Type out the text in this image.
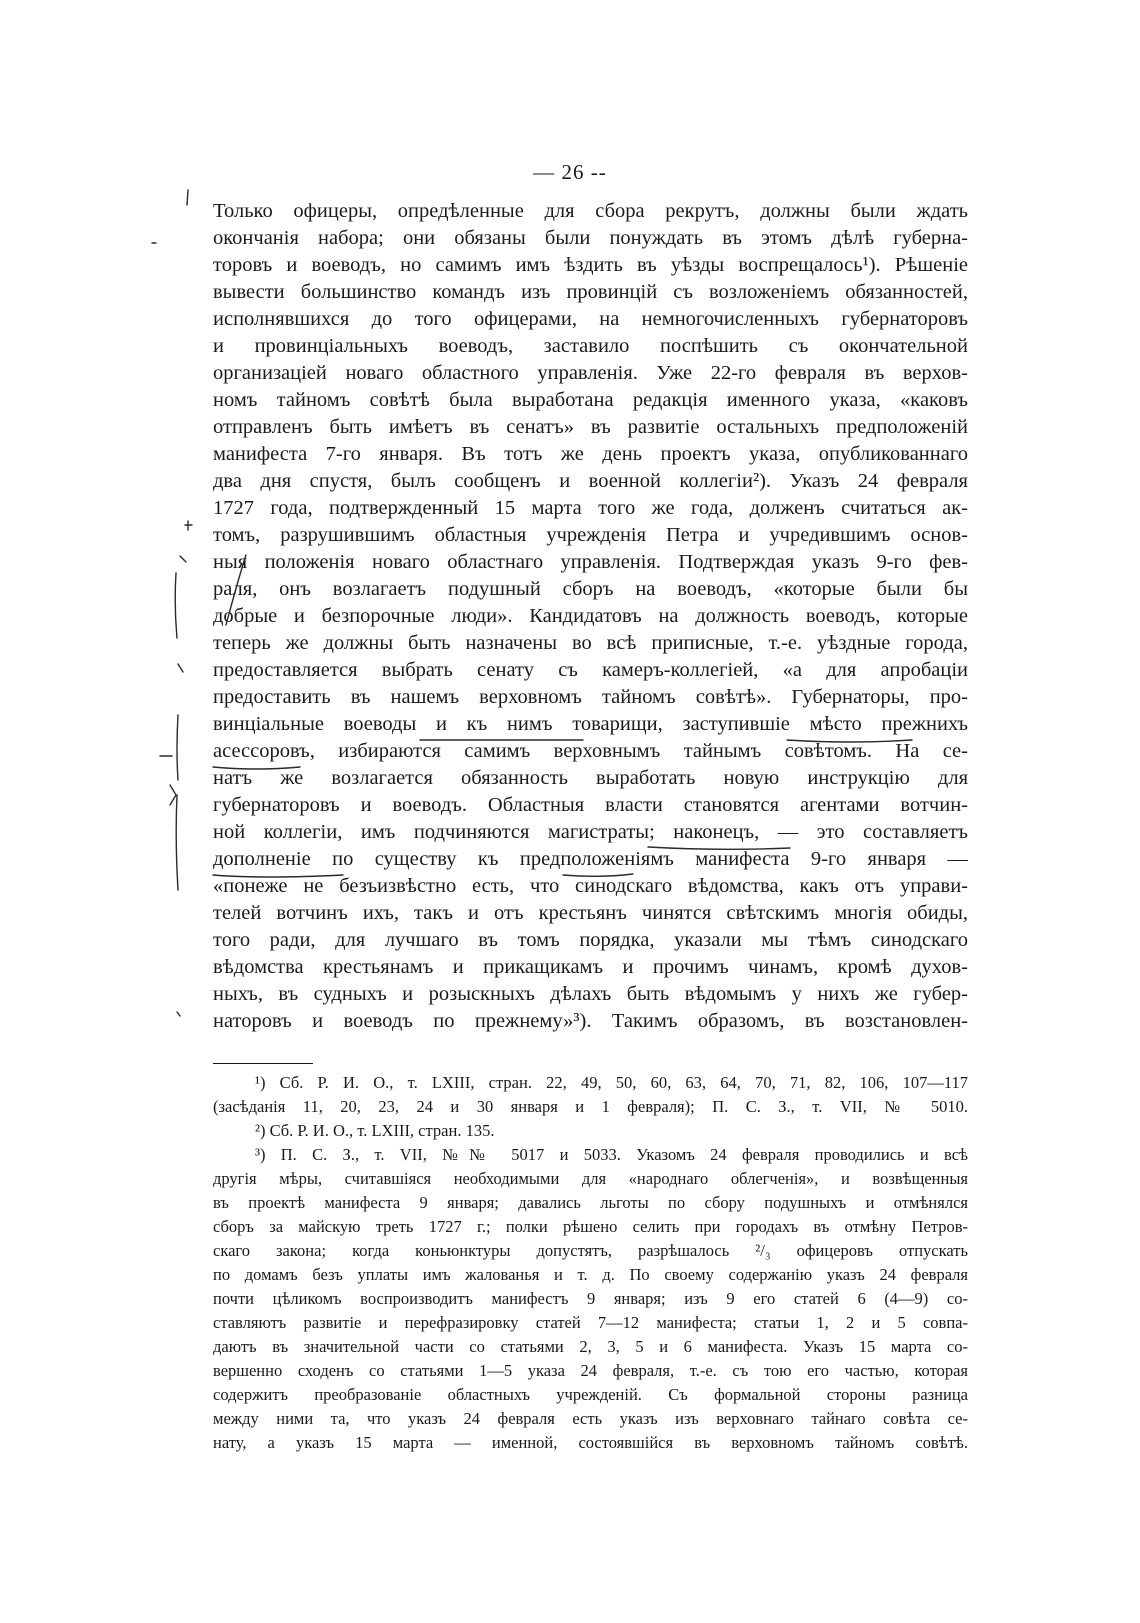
— 26 --
Только офицеры, опредѣленные для сбора рекрутъ, должны были ждать
окончанія набора; они обязаны были понуждать въ этомъ дѣлѣ губерна-
торовъ и воеводъ, но самимъ имъ ѣздить въ уѣзды воспрещалось¹). Рѣшеніе
вывести большинство командъ изъ провинцій съ возложеніемъ обязанностей,
исполнявшихся до того офицерами, на немногочисленныхъ губернаторовъ
и провинціальныхъ воеводъ, заставило поспѣшить съ окончательной
организаціей новаго областного управленія. Уже 22-го февраля въ верхов-
номъ тайномъ совѣтѣ была выработана редакція именного указа, «каковъ
отправленъ быть имѣетъ въ сенатъ» въ развитіе остальныхъ предположеній
манифеста 7-го января. Въ тотъ же день проектъ указа, опубликованнаго
два дня спустя, былъ сообщенъ и военной коллегіи²). Указъ 24 февраля
1727 года, подтвержденный 15 марта того же года, долженъ считаться ак-
томъ, разрушившимъ областныя учрежденія Петра и учредившимъ основ-
ныя положенія новаго областнаго управленія. Подтверждая указъ 9-го фев-
раля, онъ возлагаетъ подушный сборъ на воеводъ, «которые были бы
добрые и безпорочные люди». Кандидатовъ на должность воеводъ, которые
теперь же должны быть назначены во всѣ приписные, т.-е. уѣздные города,
предоставляется выбрать сенату съ камеръ-коллегіей, «а для апробаціи
предоставить въ нашемъ верховномъ тайномъ совѣтѣ». Губернаторы, про-
винціальные воеводы и къ нимъ товарищи, заступившіе мѣсто прежнихъ
асессоровъ, избираются самимъ верховнымъ тайнымъ совѣтомъ. На се-
натъ же возлагается обязанность выработать новую инструкцію для
губернаторовъ и воеводъ. Областныя власти становятся агентами вотчин-
ной коллегіи, имъ подчиняются магистраты; наконецъ, — это составляетъ
дополненіе по существу къ предположеніямъ манифеста 9-го января —
«понеже не безъизвѣстно есть, что синодскаго вѣдомства, какъ отъ управи-
телей вотчинъ ихъ, такъ и отъ крестьянъ чинятся свѣтскимъ многія обиды,
того ради, для лучшаго въ томъ порядка, указали мы тѣмъ синодскаго
вѣдомства крестьянамъ и прикащикамъ и прочимъ чинамъ, кромѣ духов-
ныхъ, въ судныхъ и розыскныхъ дѣлахъ быть вѣдомымъ у нихъ же губер-
наторовъ и воеводъ по прежнему»³). Такимъ образомъ, въ возстановлен-
¹) Сб. Р. И. О., т. LXIII, стран. 22, 49, 50, 60, 63, 64, 70, 71, 82, 106, 107—117
(засѣданія 11, 20, 23, 24 и 30 января и 1 февраля); П. С. З., т. VII, № 5010.
²) Сб. Р. И. О., т. LXIII, стран. 135.
³) П. С. З., т. VII, №№ 5017 и 5033. Указомъ 24 февраля проводились и всѣ
другія мѣры, считавшіяся необходимыми для «народнаго облегченія», и возвѣщенныя
въ проектѣ манифеста 9 января; давались льготы по сбору подушныхъ и отмѣнялся
сборъ за майскую треть 1727 г.; полки рѣшено селить при городахъ въ отмѣну Петров-
скаго закона; когда коньюнктуры допустятъ, разрѣшалось ²/₃ офицеровъ отпускать
по домамъ безъ уплаты имъ жалованья и т. д. По своему содержанію указъ 24 февраля
почти цѣликомъ воспроизводитъ манифестъ 9 января; изъ 9 его статей 6 (4—9) со-
ставляютъ развитіе и перефразировку статей 7—12 манифеста; статьи 1, 2 и 5 совпа-
даютъ въ значительной части со статьями 2, 3, 5 и 6 манифеста. Указъ 15 марта со-
вершенно сходенъ со статьями 1—5 указа 24 февраля, т.-е. съ тою его частью, которая
содержитъ преобразованіе областныхъ учрежденій. Съ формальной стороны разница
между ними та, что указъ 24 февраля есть указъ изъ верховнаго тайнаго совѣта се-
нату, а указъ 15 марта — именной, состоявшійся въ верховномъ тайномъ совѣтѣ.
